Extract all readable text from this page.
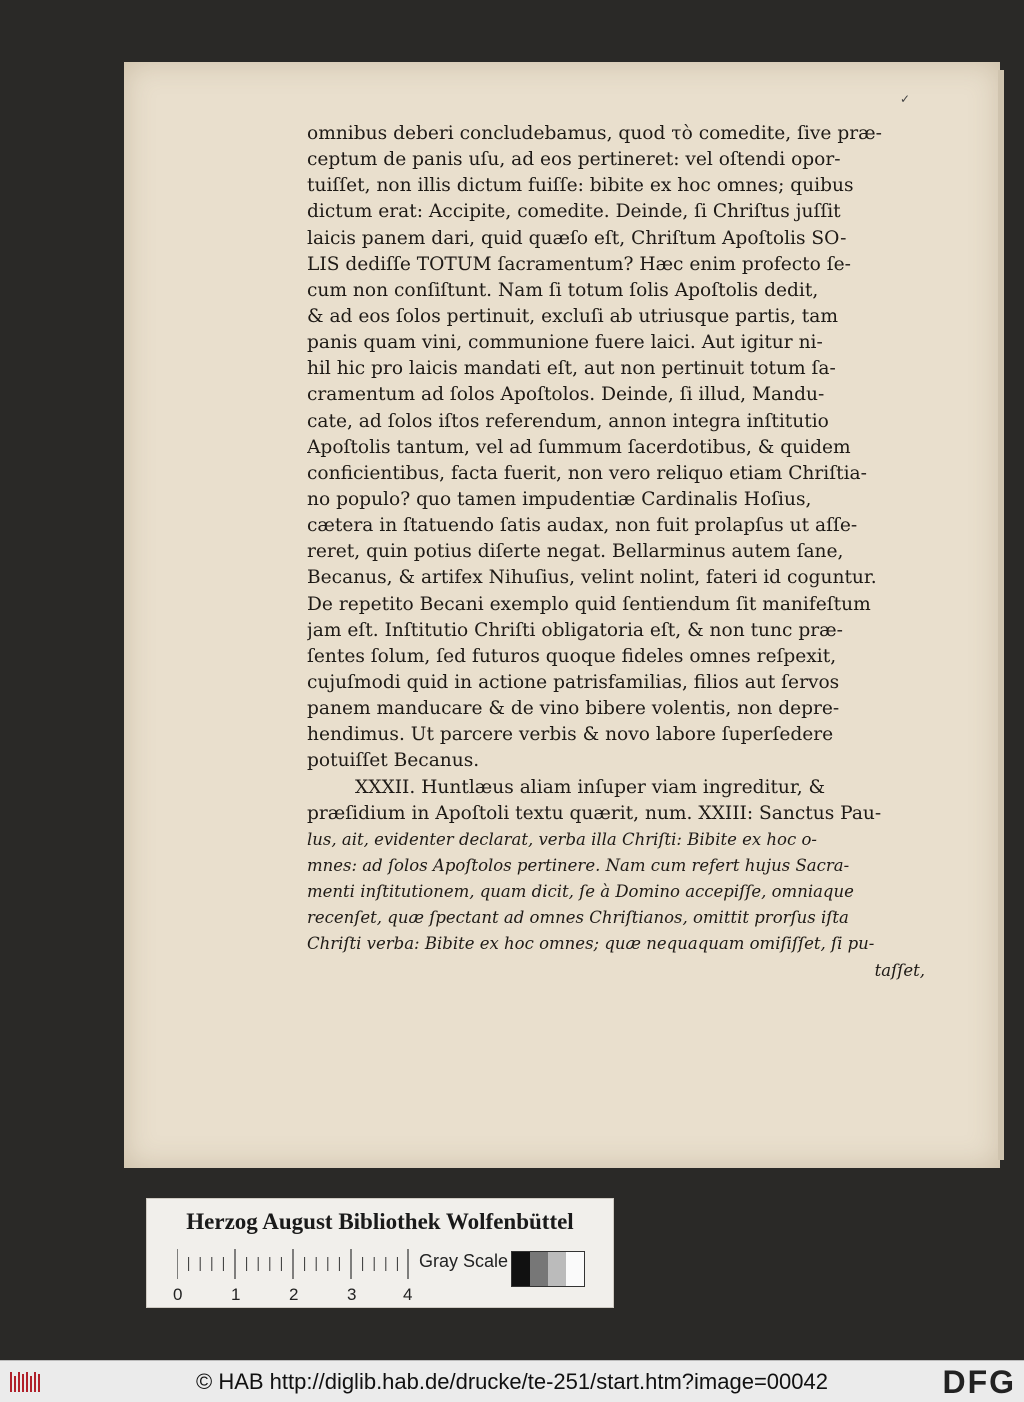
✓
omnibus deberi concludebamus, quod τὸ comedite, ſive præ-
ceptum de panis uſu, ad eos pertineret: vel oſtendi opor-
tuiſſet, non illis dictum fuiſſe: bibite ex hoc omnes; quibus
dictum erat: Accipite, comedite. Deinde, ſi Chriſtus juſſit
laicis panem dari, quid quæſo eſt, Chriſtum Apoſtolis SO-
LIS dediſſe TOTUM ſacramentum? Hæc enim profecto ſe-
cum non conſiſtunt. Nam ſi totum ſolis Apoſtolis dedit,
& ad eos ſolos pertinuit, excluſi ab utriusque partis, tam
panis quam vini, communione fuere laici. Aut igitur ni-
hil hic pro laicis mandati eſt, aut non pertinuit totum ſa-
cramentum ad ſolos Apoſtolos. Deinde, ſi illud, Mandu-
cate, ad ſolos iſtos referendum, annon integra inſtitutio
Apoſtolis tantum, vel ad ſummum ſacerdotibus, & quidem
conficientibus, facta fuerit, non vero reliquo etiam Chriſtia-
no populo? quo tamen impudentiæ Cardinalis Hoſius,
cætera in ſtatuendo ſatis audax, non fuit prolapſus ut aſſe-
reret, quin potius diſerte negat. Bellarminus autem ſane,
Becanus, & artifex Nihuſius, velint nolint, fateri id coguntur.
De repetito Becani exemplo quid ſentiendum ſit manifeſtum
jam eſt. Inſtitutio Chriſti obligatoria eſt, & non tunc præ-
ſentes ſolum, ſed futuros quoque fideles omnes reſpexit,
cujuſmodi quid in actione patrisfamilias, filios aut ſervos
panem manducare & de vino bibere volentis, non depre-
hendimus. Ut parcere verbis & novo labore ſuperſedere
potuiſſet Becanus.
XXXII. Huntlæus aliam inſuper viam ingreditur, &
præſidium in Apoſtoli textu quærit, num. XXIII: Sanctus Pau-
lus, ait, evidenter declarat, verba illa Chriſti: Bibite ex hoc o-
mnes: ad ſolos Apoſtolos pertinere. Nam cum refert hujus Sacra-
menti inſtitutionem, quam dicit, ſe à Domino accepiſſe, omniaque
recenſet, quæ ſpectant ad omnes Chriſtianos, omittit prorſus iſta
Chriſti verba: Bibite ex hoc omnes; quæ nequaquam omiſiſſet, ſi pu-
taſſet,
Herzog August Bibliothek Wolfenbüttel
Gray Scale
0	1	2	3	4
© HAB http://diglib.hab.de/drucke/te-251/start.htm?image=00042	DFG
